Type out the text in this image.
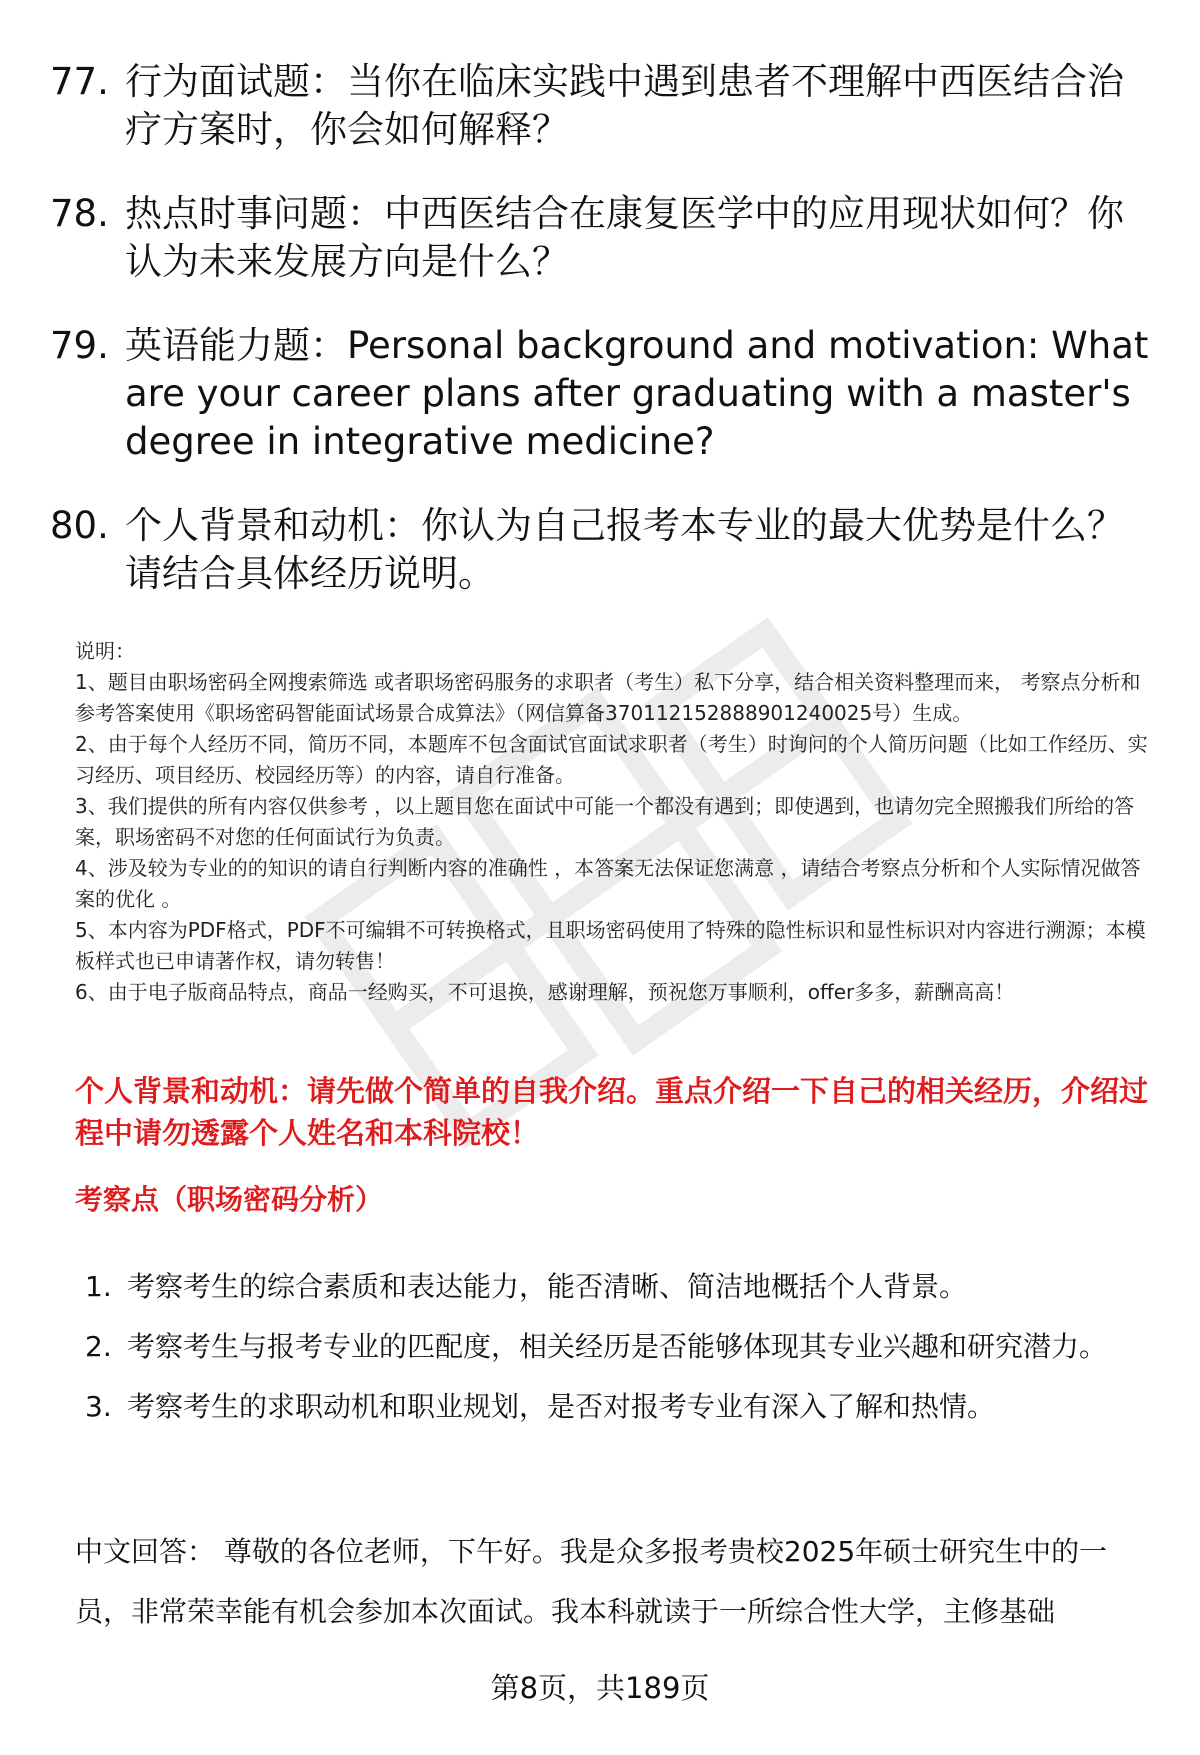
77. 行为面试题：当你在临床实践中遇到患者不理解中西医结合治疗方案时，你会如何解释？
78. 热点时事问题：中西医结合在康复医学中的应用现状如何？你认为未来发展方向是什么？
79. 英语能力题：Personal background and motivation: What are your career plans after graduating with a master's degree in integrative medicine?
80. 个人背景和动机：你认为自己报考本专业的最大优势是什么？请结合具体经历说明。

说明：

1、题目由职场密码全网搜索筛选 或者职场密码服务的求职者（考生）私下分享，结合相关资料整理而来， 考察点分析和参考答案使用《职场密码智能面试场景合成算法》（网信算备370112152888901240025号）生成。

2、由于每个人经历不同，简历不同，本题库不包含面试官面试求职者（考生）时询问的个人简历问题（比如工作经历、实习经历、项目经历、校园经历等）的内容，请自行准备。

3、我们提供的所有内容仅供参考 ，以上题目您在面试中可能一个都没有遇到；即使遇到，也请勿完全照搬我们所给的答案，职场密码不对您的任何面试行为负责。

4、涉及较为专业的的知识的请自行判断内容的准确性 ，本答案无法保证您满意 ，请结合考察点分析和个人实际情况做答案的优化 。

5、本内容为PDF格式，PDF不可编辑不可转换格式，且职场密码使用了特殊的隐性标识和显性标识对内容进行溯源；本模板样式也已申请著作权，请勿转售！

6、由于电子版商品特点，商品一经购买，不可退换，感谢理解，预祝您万事顺利，offer多多，薪酬高高！

个人背景和动机：请先做个简单的自我介绍。重点介绍一下自己的相关经历，介绍过程中请勿透露个人姓名和本科院校！
考察点（职场密码分析）
1. 考察考生的综合素质和表达能力，能否清晰、简洁地概括个人背景。
2. 考察考生与报考专业的匹配度，相关经历是否能够体现其专业兴趣和研究潜力。
3. 考察考生的求职动机和职业规划，是否对报考专业有深入了解和热情。
中文回答： 尊敬的各位老师，下午好。我是众多报考贵校2025年硕士研究生中的一员，非常荣幸能有机会参加本次面试。我本科就读于一所综合性大学，主修基础
第8页，共189页
